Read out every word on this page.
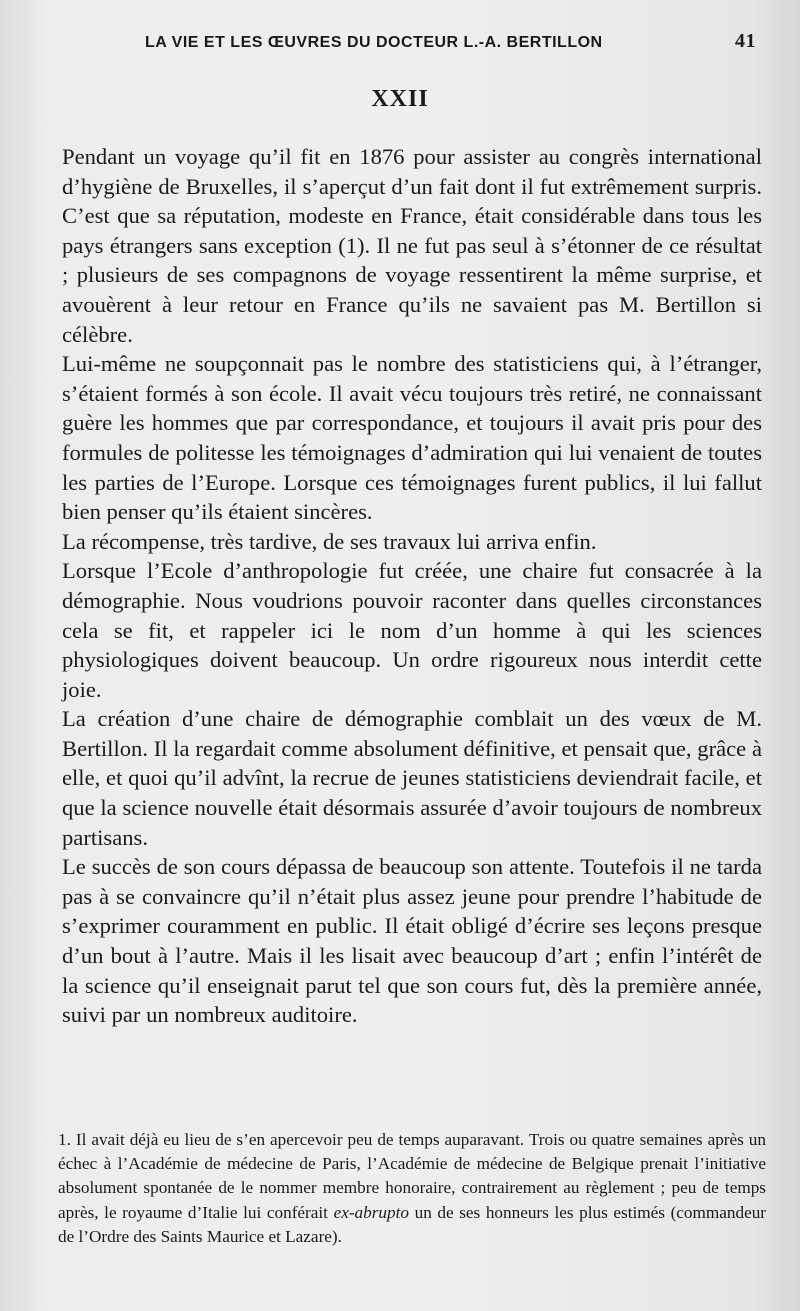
LA VIE ET LES ŒUVRES DU DOCTEUR L.-A. BERTILLON	41
XXII

Pendant un voyage qu’il fit en 1876 pour assister au congrès international d’hygiène de Bruxelles, il s’aperçut d’un fait dont il fut extrêmement surpris. C’est que sa réputation, modeste en France, était considérable dans tous les pays étrangers sans exception (1). Il ne fut pas seul à s’étonner de ce résultat ; plusieurs de ses compagnons de voyage ressentirent la même surprise, et avouèrent à leur retour en France qu’ils ne savaient pas M. Bertillon si célèbre.

Lui-même ne soupçonnait pas le nombre des statisticiens qui, à l’étranger, s’étaient formés à son école. Il avait vécu toujours très retiré, ne connaissant guère les hommes que par correspondance, et toujours il avait pris pour des formules de politesse les témoignages d’admiration qui lui venaient de toutes les parties de l’Europe. Lorsque ces témoignages furent publics, il lui fallut bien penser qu’ils étaient sincères.

La récompense, très tardive, de ses travaux lui arriva enfin.

Lorsque l’Ecole d’anthropologie fut créée, une chaire fut consacrée à la démographie. Nous voudrions pouvoir raconter dans quelles circonstances cela se fit, et rappeler ici le nom d’un homme à qui les sciences physiologiques doivent beaucoup. Un ordre rigoureux nous interdit cette joie.

La création d’une chaire de démographie comblait un des vœux de M. Bertillon. Il la regardait comme absolument définitive, et pensait que, grâce à elle, et quoi qu’il advînt, la recrue de jeunes statisticiens deviendrait facile, et que la science nouvelle était désormais assurée d’avoir toujours de nombreux partisans.

Le succès de son cours dépassa de beaucoup son attente. Toutefois il ne tarda pas à se convaincre qu’il n’était plus assez jeune pour prendre l’habitude de s’exprimer couramment en public. Il était obligé d’écrire ses leçons presque d’un bout à l’autre. Mais il les lisait avec beaucoup d’art ; enfin l’intérêt de la science qu’il enseignait parut tel que son cours fut, dès la première année, suivi par un nombreux auditoire.

1. Il avait déjà eu lieu de s’en apercevoir peu de temps auparavant. Trois ou quatre semaines après un échec à l’Académie de médecine de Paris, l’Académie de médecine de Belgique prenait l’initiative absolument spontanée de le nommer membre honoraire, contrairement au règlement ; peu de temps après, le royaume d’Italie lui conférait ex-abrupto un de ses honneurs les plus estimés (commandeur de l’Ordre des Saints Maurice et Lazare).
